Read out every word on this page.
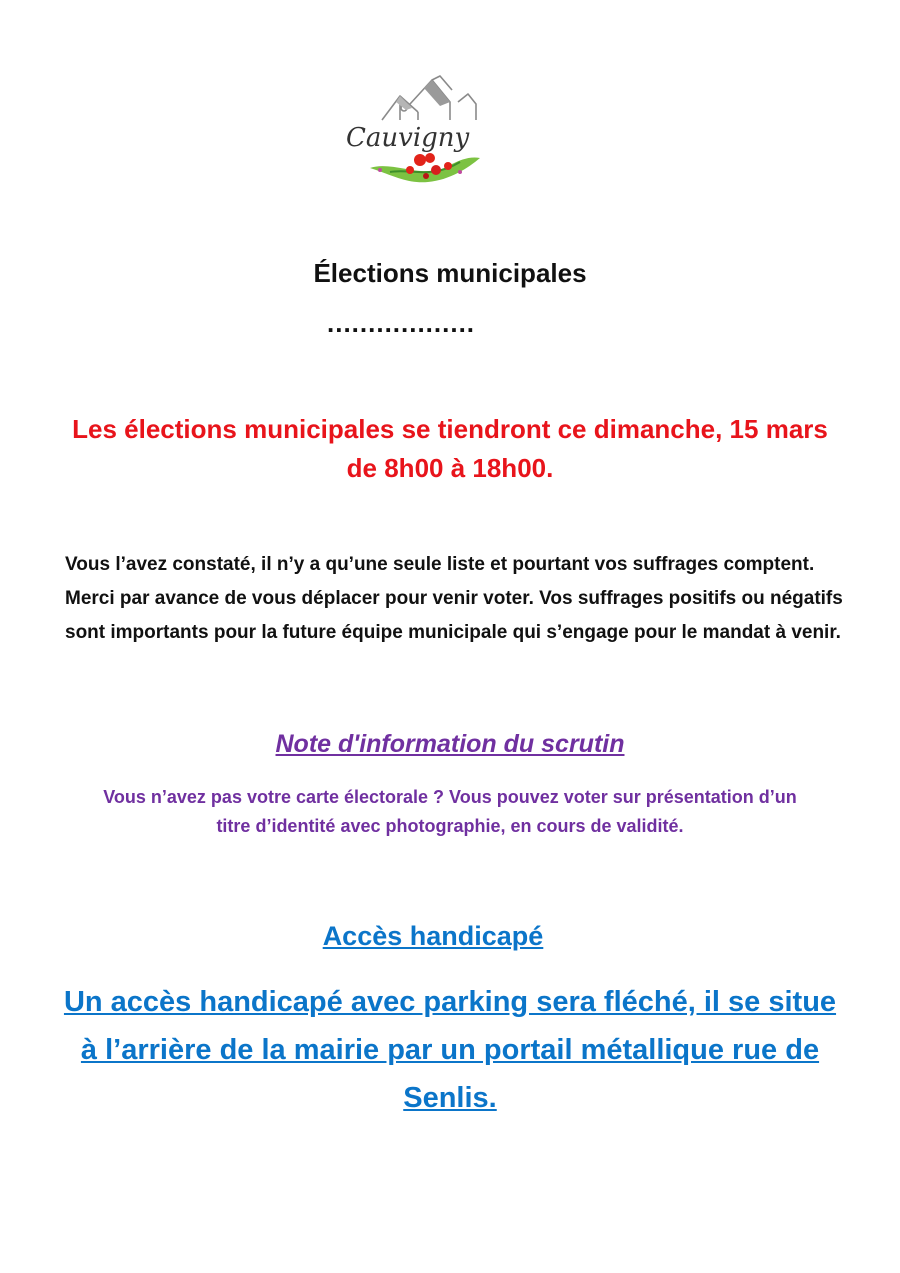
Cauvigny
Élections municipales
..................
Les élections municipales se tiendront ce dimanche, 15 mars de 8h00 à 18h00.
Vous l’avez constaté, il n’y a qu’une seule liste et pourtant vos suffrages comptent. Merci par avance de vous déplacer pour venir voter. Vos suffrages positifs ou négatifs sont importants pour la future équipe municipale qui s’engage pour le mandat à venir.
Note d'information du scrutin
Vous n’avez pas votre carte électorale ? Vous pouvez voter sur présentation d’un titre d’identité avec photographie, en cours de validité.
Accès handicapé
Un accès handicapé avec parking sera fléché, il se situe à l’arrière de la mairie par un portail métallique rue de Senlis.
